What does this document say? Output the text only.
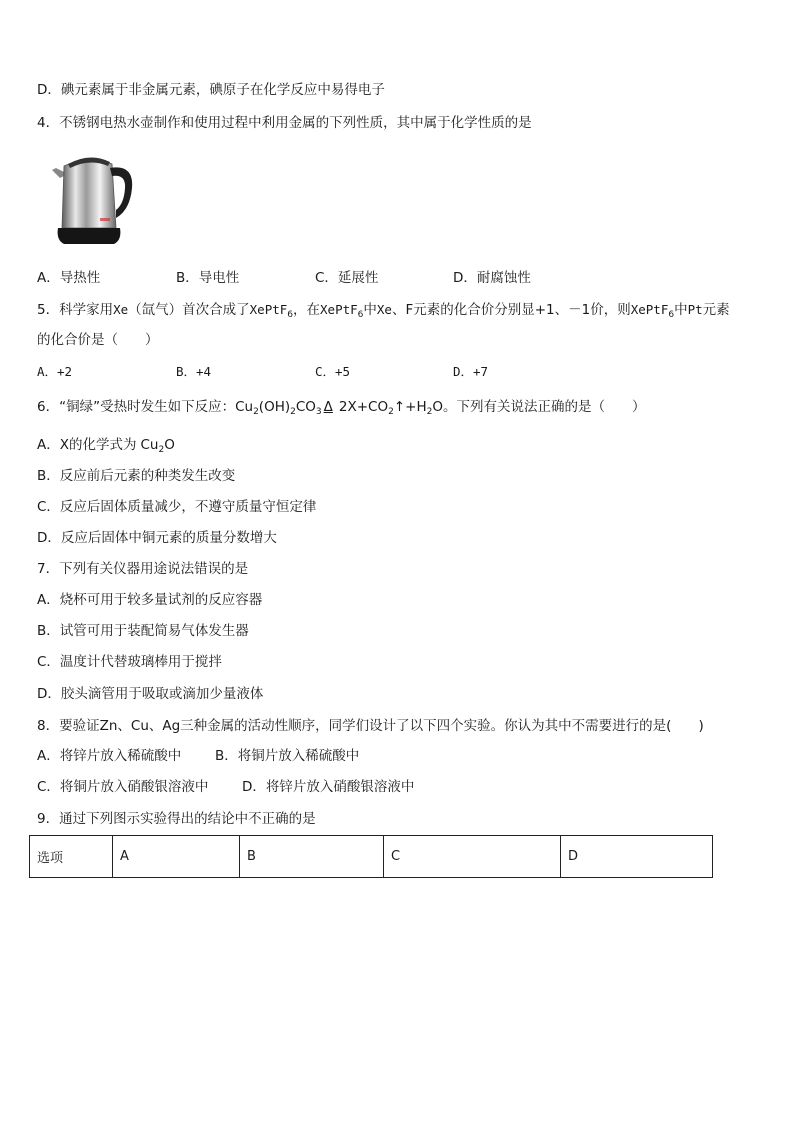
D．碘元素属于非金属元素，碘原子在化学反应中易得电子
4．不锈钢电热水壶制作和使用过程中利用金属的下列性质，其中属于化学性质的是
A．导热性	B．导电性	C．延展性	D．耐腐蚀性
5．科学家用Xe（氙气）首次合成了XePtF$_6$，在XePtF$_6$中Xe、F元素的化合价分别显+1、－1价，则XePtF$_6$中Pt元素
的化合价是（　　）
A．+2	B．+4	C．+5	D．+7
6．“铜绿”受热时发生如下反应：$Cu_2(OH)_2CO_3$ Δ $2X+CO_2↑+H_2O$。下列有关说法正确的是（　　）
A．X的化学式为 $Cu_2O$
B．反应前后元素的种类发生改变
C．反应后固体质量减少，不遵守质量守恒定律
D．反应后固体中铜元素的质量分数增大
7．下列有关仪器用途说法错误的是
A．烧杯可用于较多量试剂的反应容器
B．试管可用于装配简易气体发生器
C．温度计代替玻璃棒用于搅拌
D．胶头滴管用于吸取或滴加少量液体
8．要验证Zn、Cu、Ag三种金属的活动性顺序，同学们设计了以下四个实验。你认为其中不需要进行的是(　　)
A．将锌片放入稀硫酸中	B．将铜片放入稀硫酸中
C．将铜片放入硝酸银溶液中 D．将锌片放入硝酸银溶液中
9．通过下列图示实验得出的结论中不正确的是
选项	A	B	C	D
